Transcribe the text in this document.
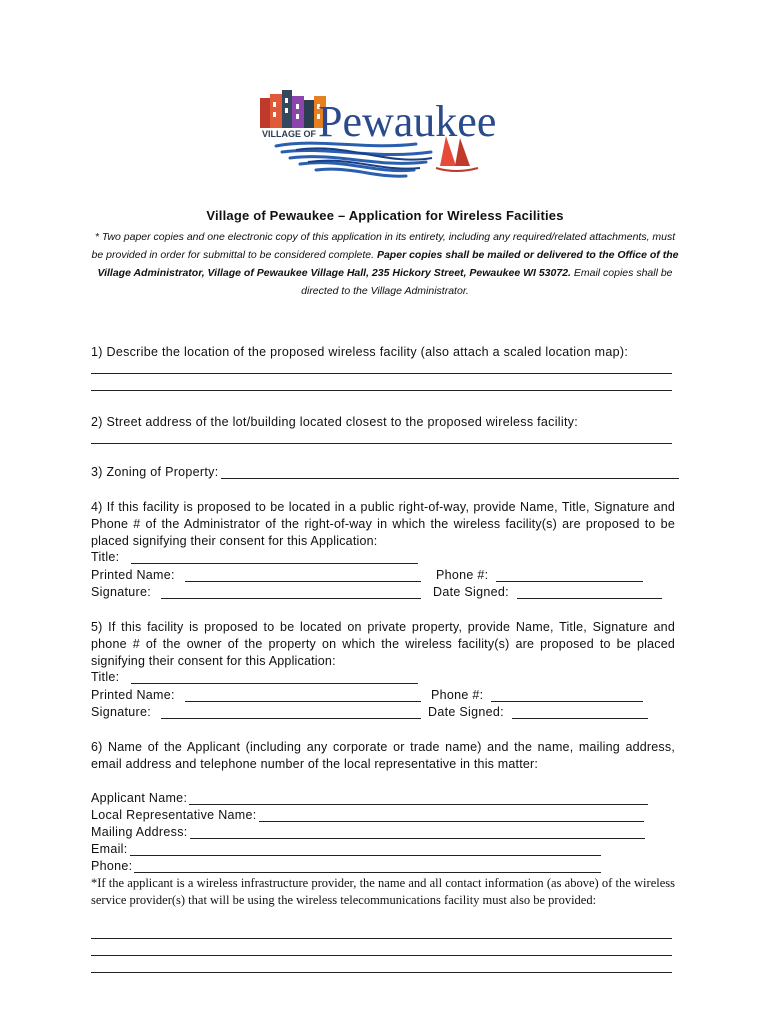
VILLAGE OF Pewaukee
Village of Pewaukee – Application for Wireless Facilities
* Two paper copies and one electronic copy of this application in its entirety, including any required/related attachments, must be provided in order for submittal to be considered complete. Paper copies shall be mailed or delivered to the Office of the Village Administrator, Village of Pewaukee Village Hall, 235 Hickory Street, Pewaukee WI 53072. Email copies shall be directed to the Village Administrator.
1) Describe the location of the proposed wireless facility (also attach a scaled location map):
2) Street address of the lot/building located closest to the proposed wireless facility:
3) Zoning of Property:
4) If this facility is proposed to be located in a public right-of-way, provide Name, Title, Signature and Phone # of the Administrator of the right-of-way in which the wireless facility(s) are proposed to be placed signifying their consent for this Application:
Title:
Printed Name:	Phone #:
Signature:	Date Signed:
5) If this facility is proposed to be located on private property, provide Name, Title, Signature and phone # of the owner of the property on which the wireless facility(s) are proposed to be placed signifying their consent for this Application:
Title:
Printed Name:	Phone #:
Signature:	Date Signed:
6) Name of the Applicant (including any corporate or trade name) and the name, mailing address, email address and telephone number of the local representative in this matter:
Applicant Name:
Local Representative Name:
Mailing Address:
Email:
Phone:
*If the applicant is a wireless infrastructure provider, the name and all contact information (as above) of the wireless service provider(s) that will be using the wireless telecommunications facility must also be provided:
